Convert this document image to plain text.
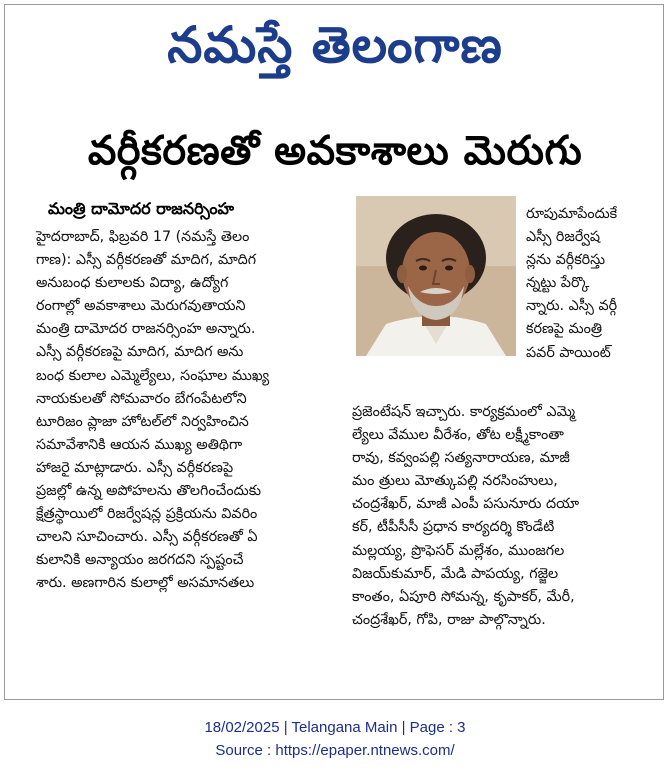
నమస్తే తెలంగాణ
వర్గీకరణతో అవకాశాలు మెరుగు
మంత్రి దామోదర రాజనర్సింహ
హైదరాబాద్, ఫిబ్రవరి 17 (నమస్తే తెలం
గాణ): ఎస్సీ వర్గీకరణతో మాదిగ, మాదిగ
అనుబంధ కులాలకు విద్యా, ఉద్యోగ
రంగాల్లో అవకాశాలు మెరుగవుతాయని
మంత్రి దామోదర రాజనర్సింహ అన్నారు.
ఎస్సీ వర్గీకరణపై మాదిగ, మాదిగ అను
బంధ కులాల ఎమ్మెల్యేలు, సంఘాల ముఖ్య
నాయకులతో సోమవారం బేగంపేటలోని
టూరిజం ప్లాజా హోటల్‌లో నిర్వహించిన
సమావేశానికి ఆయన ముఖ్య అతిథిగా
హాజరై మాట్లాడారు. ఎస్సీ వర్గీకరణపై
ప్రజల్లో ఉన్న అపోహలను తొలగించేందుకు
క్షేత్రస్థాయిలో రిజర్వేషన్ల ప్రక్రియను వివరిం
చాలని సూచించారు. ఎస్సీ వర్గీకరణతో ఏ
కులానికి అన్యాయం జరగదని స్పష్టంచే
శారు. అణగారిన కులాల్లో అసమానతలు
రూపుమాపేందుకే
ఎస్సీ రిజర్వేష
న్లను వర్గీకరిస్తు
న్నట్టు పేర్కొ
న్నారు. ఎస్సీ వర్గీ
కరణపై మంత్రి
పవర్ పాయింట్
ప్రజెంటేషన్ ఇచ్చారు. కార్యక్రమంలో ఎమ్మె
ల్యేలు వేముల వీరేశం, తోట లక్ష్మీకాంతా
రావు, కవ్వంపల్లి సత్యనారాయణ, మాజీ
మం త్రులు మోత్కుపల్లి నరసింహులు,
చంద్రశేఖర్, మాజీ ఎంపీ పసునూరు దయా
కర్, టీపీసీసీ ప్రధాన కార్యదర్శి కొండేటి
మల్లయ్య, ప్రొఫెసర్ మల్లేశం, ముంజగల
విజయ్‌కుమార్, మేడి పాపయ్య, గజ్జెల
కాంతం, ఏపూరి సోమన్న, కృపాకర్, మేరీ,
చంద్రశేఖర్, గోపి, రాజు పాల్గొన్నారు.
18/02/2025 | Telangana Main | Page : 3
Source : https://epaper.ntnews.com/
